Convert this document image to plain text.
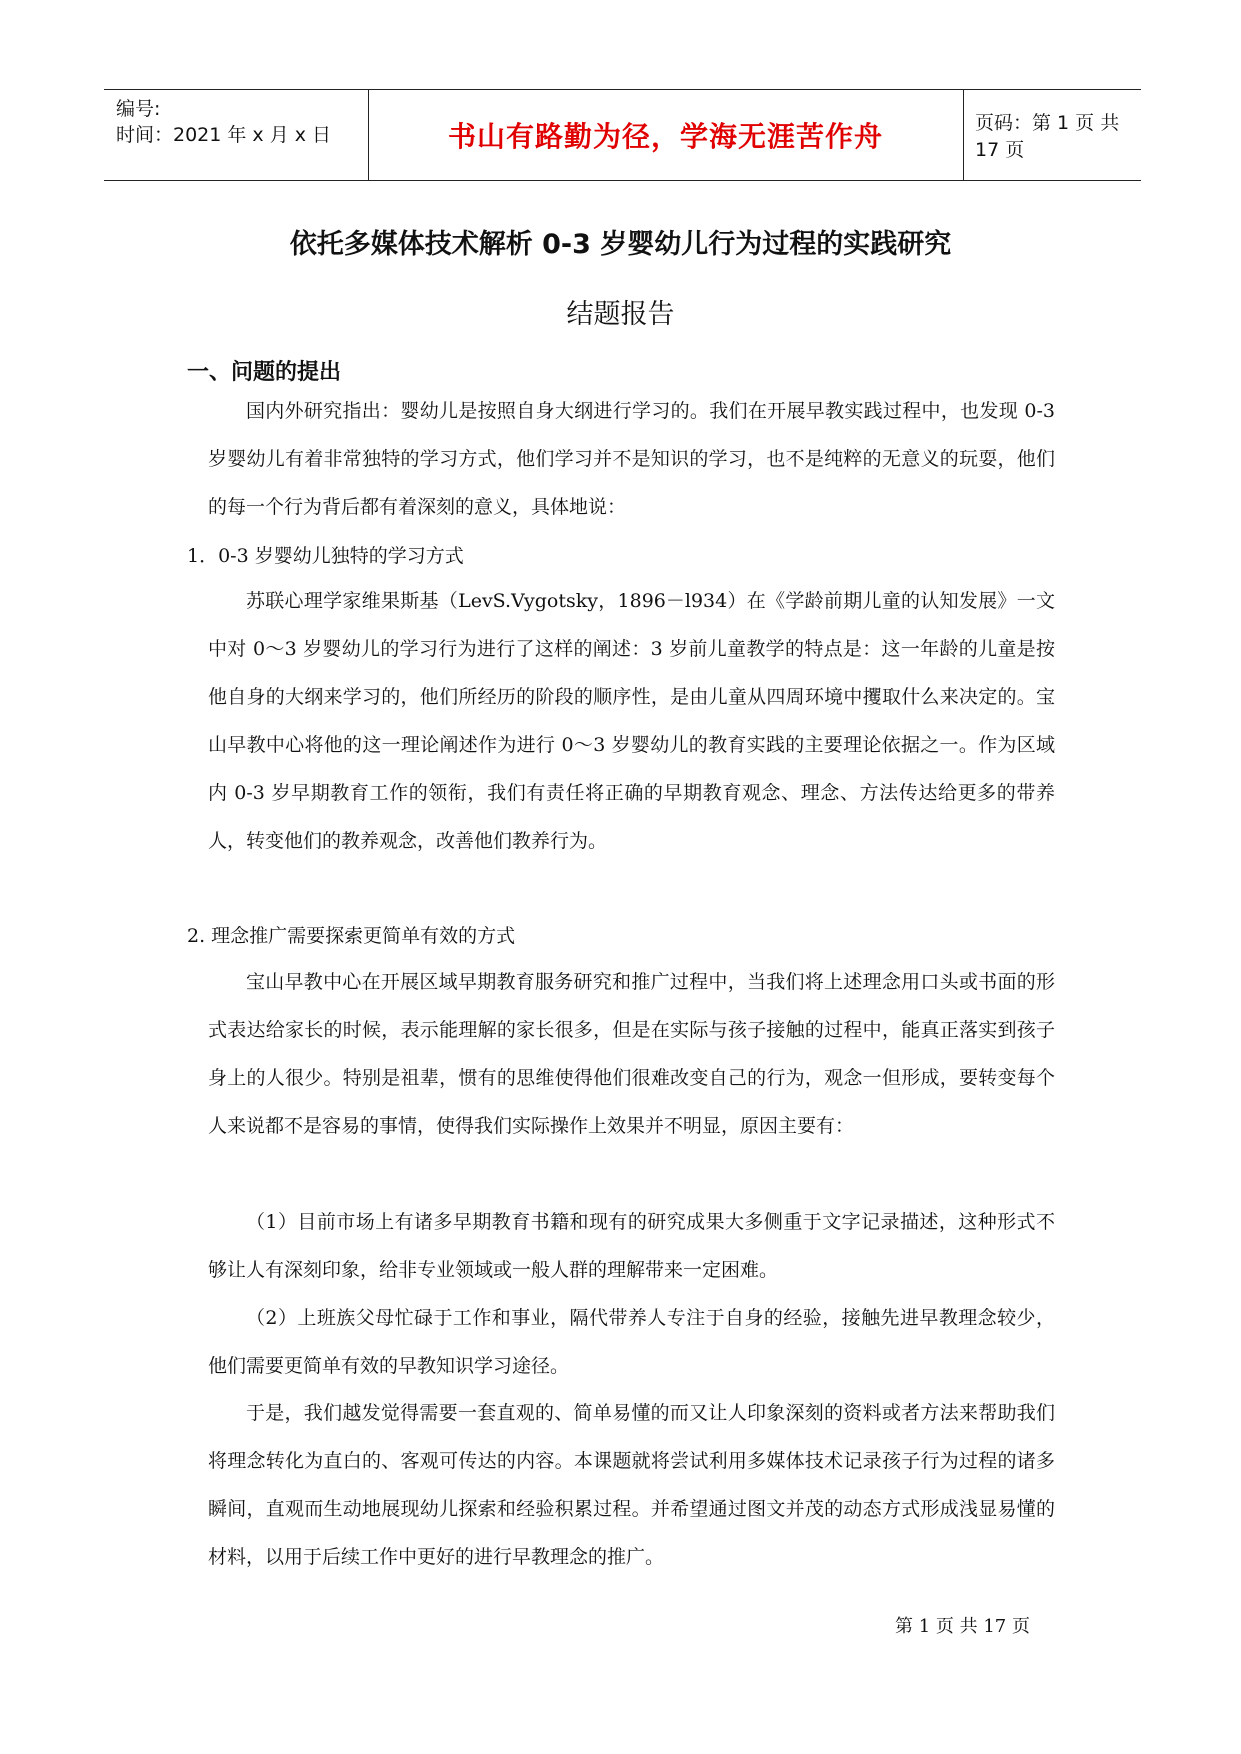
编号:
时间：2021 年 x 月 x 日	书山有路勤为径，学海无涯苦作舟	页码：第 1 页 共 17 页
依托多媒体技术解析 0-3 岁婴幼儿行为过程的实践研究
结题报告
一、问题的提出
国内外研究指出：婴幼儿是按照自身大纲进行学习的。我们在开展早教实践过程中，也发现 0-3 岁婴幼儿有着非常独特的学习方式，他们学习并不是知识的学习，也不是纯粹的无意义的玩耍，他们的每一个行为背后都有着深刻的意义，具体地说：
1．0-3 岁婴幼儿独特的学习方式
苏联心理学家维果斯基（LevS.Vygotsky，1896－l934）在《学龄前期儿童的认知发展》一文中对 0～3 岁婴幼儿的学习行为进行了这样的阐述：3 岁前儿童教学的特点是：这一年龄的儿童是按他自身的大纲来学习的，他们所经历的阶段的顺序性，是由儿童从四周环境中攫取什么来决定的。宝山早教中心将他的这一理论阐述作为进行 0～3 岁婴幼儿的教育实践的主要理论依据之一。作为区域内 0-3 岁早期教育工作的领衔，我们有责任将正确的早期教育观念、理念、方法传达给更多的带养人，转变他们的教养观念，改善他们教养行为。
2. 理念推广需要探索更简单有效的方式
宝山早教中心在开展区域早期教育服务研究和推广过程中，当我们将上述理念用口头或书面的形式表达给家长的时候，表示能理解的家长很多，但是在实际与孩子接触的过程中，能真正落实到孩子身上的人很少。特别是祖辈，惯有的思维使得他们很难改变自己的行为，观念一但形成，要转变每个人来说都不是容易的事情，使得我们实际操作上效果并不明显，原因主要有：
（1）目前市场上有诸多早期教育书籍和现有的研究成果大多侧重于文字记录描述，这种形式不够让人有深刻印象，给非专业领域或一般人群的理解带来一定困难。
（2）上班族父母忙碌于工作和事业，隔代带养人专注于自身的经验，接触先进早教理念较少，他们需要更简单有效的早教知识学习途径。
于是，我们越发觉得需要一套直观的、简单易懂的而又让人印象深刻的资料或者方法来帮助我们将理念转化为直白的、客观可传达的内容。本课题就将尝试利用多媒体技术记录孩子行为过程的诸多瞬间，直观而生动地展现幼儿探索和经验积累过程。并希望通过图文并茂的动态方式形成浅显易懂的材料，以用于后续工作中更好的进行早教理念的推广。
第 1 页 共 17 页
